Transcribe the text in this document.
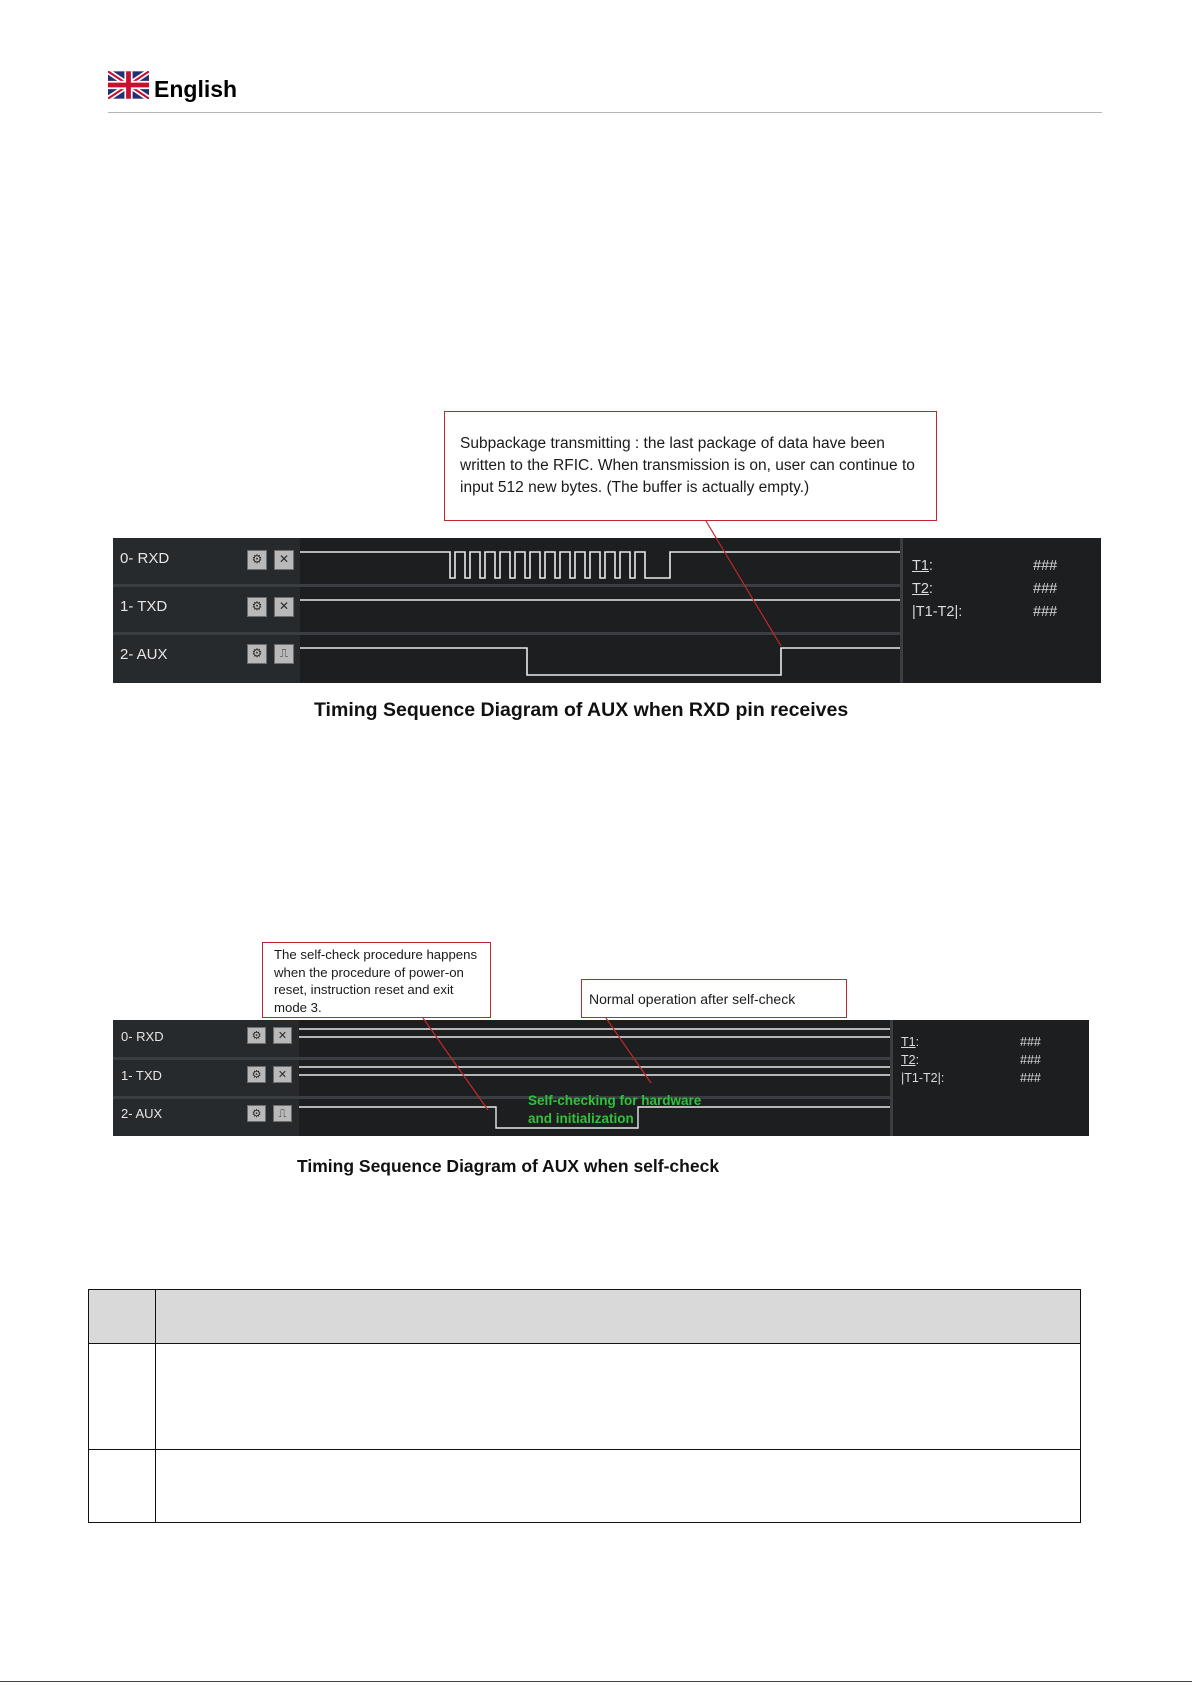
English
Subpackage transmitting : the last package of data have been written to the RFIC. When transmission is on, user can continue to input 512 new bytes. (The buffer is actually empty.)
0- RXD	⚙	✕
1- TXD	⚙	✕
2- AUX	⚙	⎍
T1:	###
T2:	###
|T1-T2|:	###
Timing Sequence Diagram of AUX when RXD pin receives
The self-check procedure happens when the procedure of power-on reset, instruction reset and exit mode 3.	Normal operation after self-check
0- RXD	⚙	✕
1- TXD	⚙	✕
2- AUX	⚙	⎍
Self-checking for hardware
and initialization
T1:	###
T2:	###
|T1-T2|:	###
Timing Sequence Diagram of AUX when self-check
